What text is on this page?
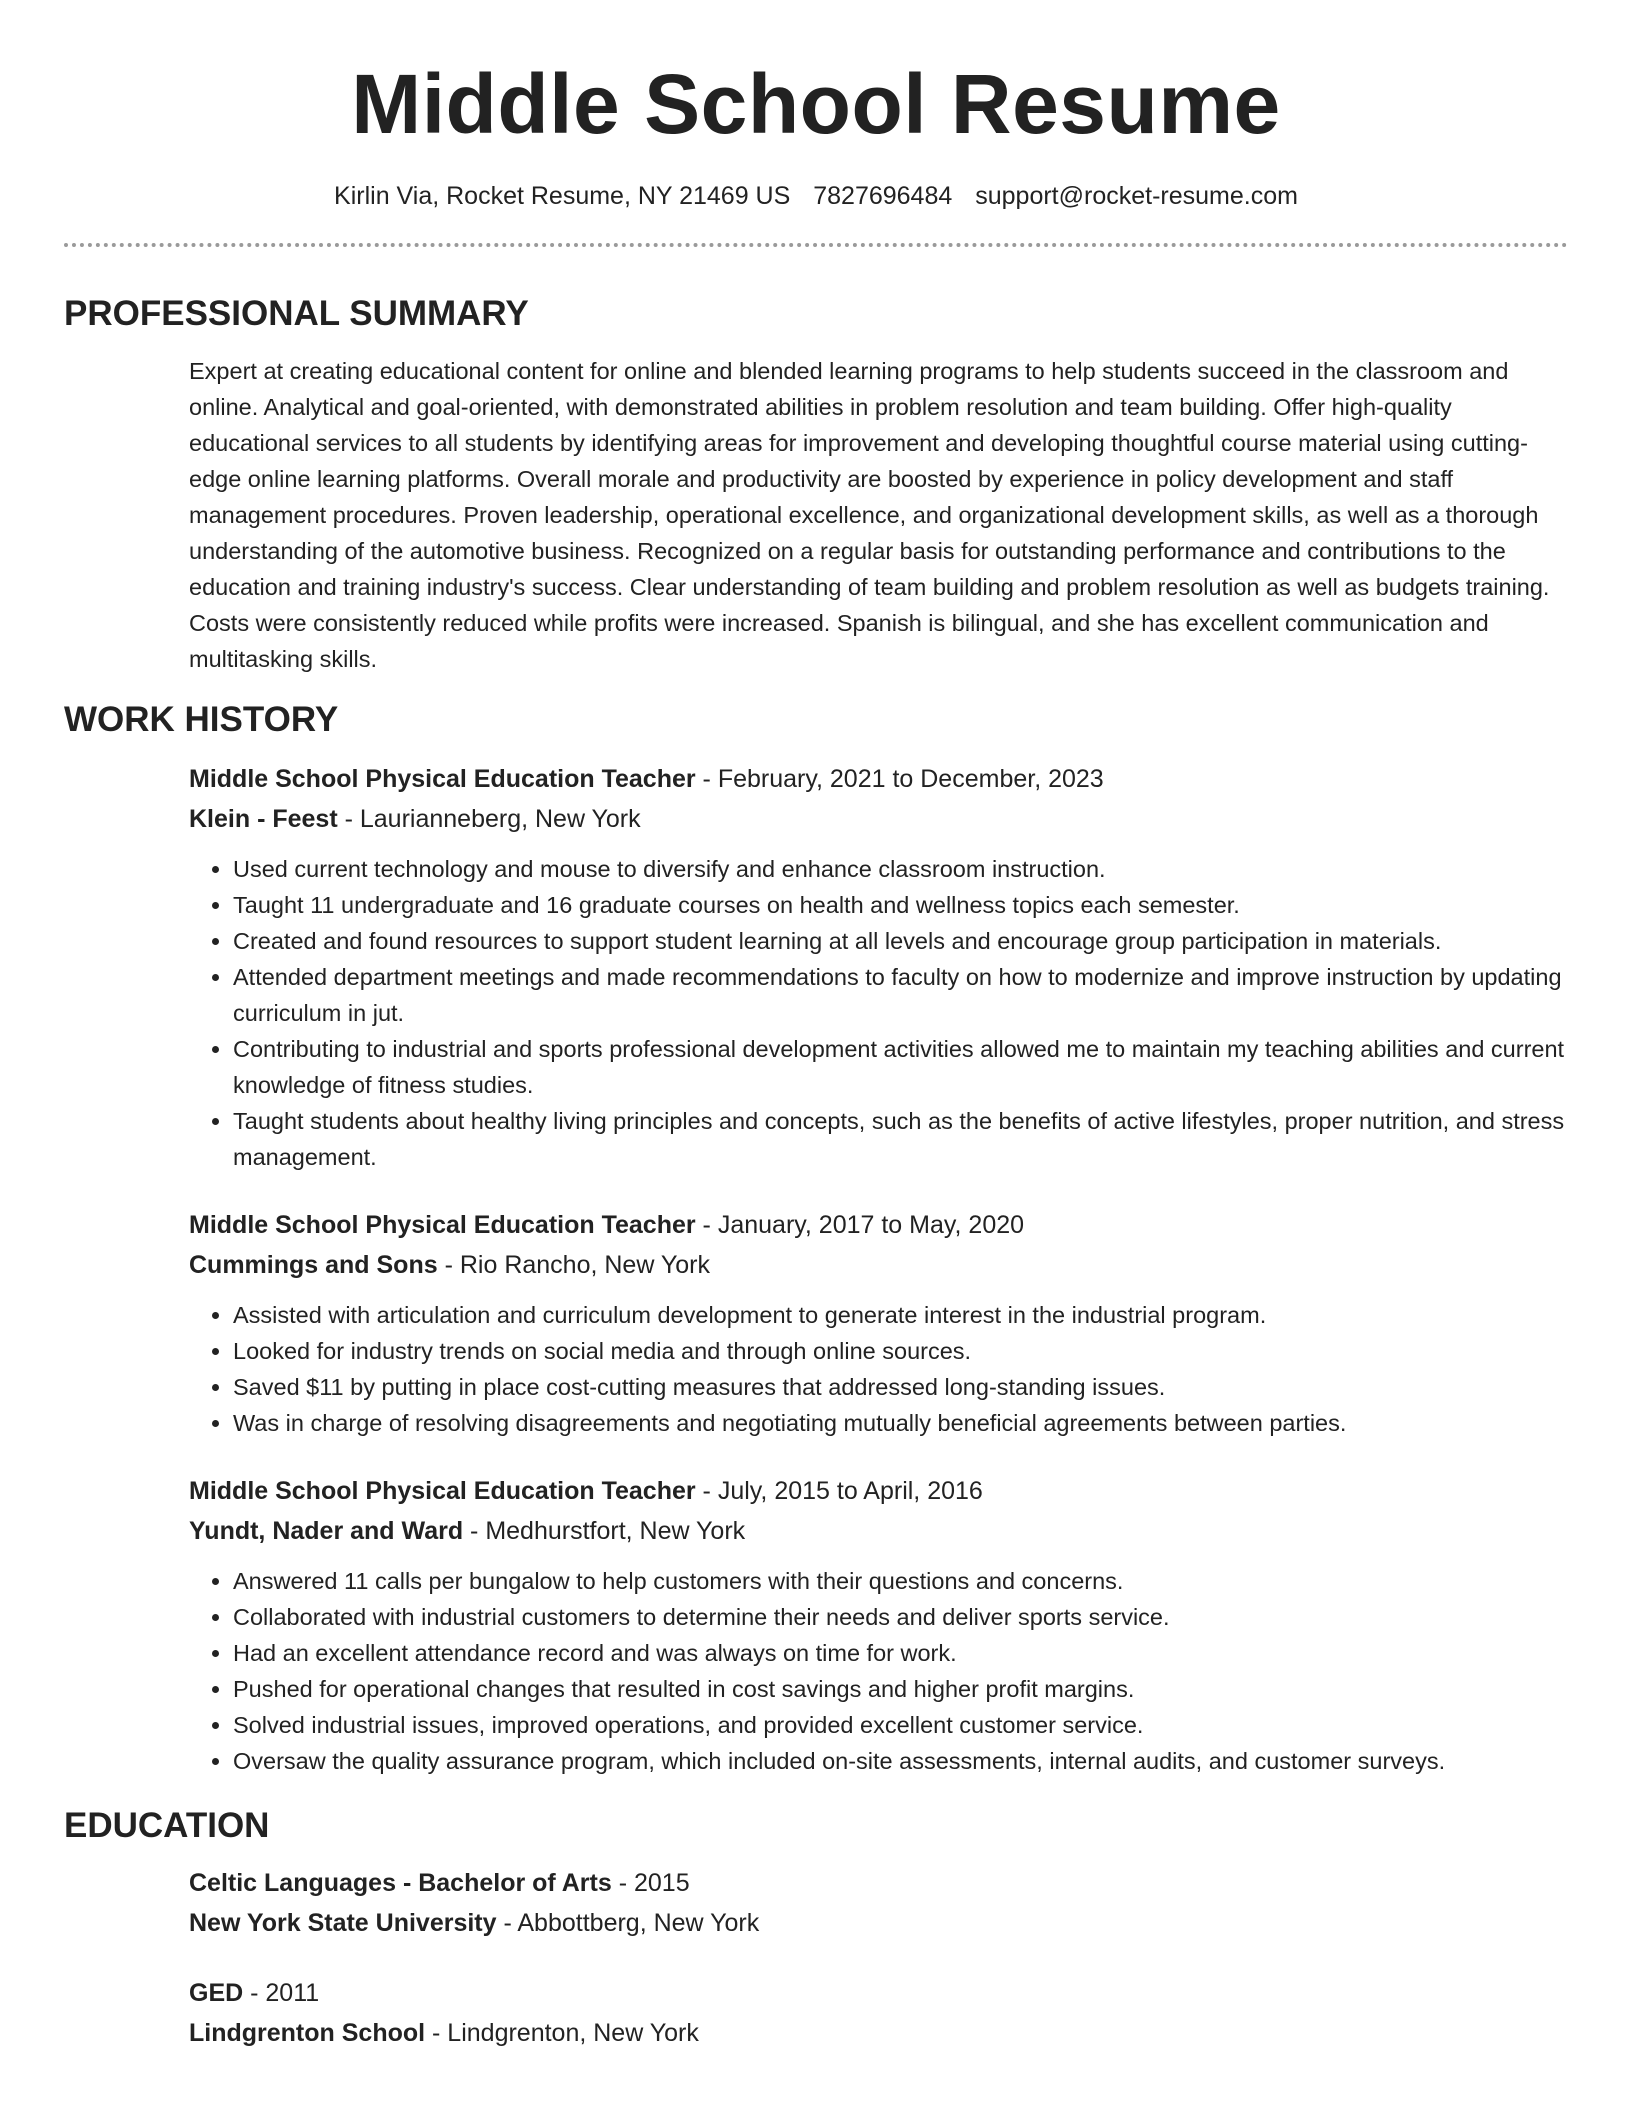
Middle School Resume
Kirlin Via, Rocket Resume, NY 21469 US 7827696484 support@rocket-resume.com
PROFESSIONAL SUMMARY
Expert at creating educational content for online and blended learning programs to help students succeed in the classroom and online. Analytical and goal-oriented, with demonstrated abilities in problem resolution and team building. Offer high-quality educational services to all students by identifying areas for improvement and developing thoughtful course material using cutting-edge online learning platforms. Overall morale and productivity are boosted by experience in policy development and staff management procedures. Proven leadership, operational excellence, and organizational development skills, as well as a thorough understanding of the automotive business. Recognized on a regular basis for outstanding performance and contributions to the education and training industry's success. Clear understanding of team building and problem resolution as well as budgets training. Costs were consistently reduced while profits were increased. Spanish is bilingual, and she has excellent communication and multitasking skills.
WORK HISTORY
Middle School Physical Education Teacher - February, 2021 to December, 2023
Klein - Feest - Laurianneberg, New York
• Used current technology and mouse to diversify and enhance classroom instruction.
• Taught 11 undergraduate and 16 graduate courses on health and wellness topics each semester.
• Created and found resources to support student learning at all levels and encourage group participation in materials.
• Attended department meetings and made recommendations to faculty on how to modernize and improve instruction by updating curriculum in jut.
• Contributing to industrial and sports professional development activities allowed me to maintain my teaching abilities and current knowledge of fitness studies.
• Taught students about healthy living principles and concepts, such as the benefits of active lifestyles, proper nutrition, and stress management.
Middle School Physical Education Teacher - January, 2017 to May, 2020
Cummings and Sons - Rio Rancho, New York
• Assisted with articulation and curriculum development to generate interest in the industrial program.
• Looked for industry trends on social media and through online sources.
• Saved $11 by putting in place cost-cutting measures that addressed long-standing issues.
• Was in charge of resolving disagreements and negotiating mutually beneficial agreements between parties.
Middle School Physical Education Teacher - July, 2015 to April, 2016
Yundt, Nader and Ward - Medhurstfort, New York
• Answered 11 calls per bungalow to help customers with their questions and concerns.
• Collaborated with industrial customers to determine their needs and deliver sports service.
• Had an excellent attendance record and was always on time for work.
• Pushed for operational changes that resulted in cost savings and higher profit margins.
• Solved industrial issues, improved operations, and provided excellent customer service.
• Oversaw the quality assurance program, which included on-site assessments, internal audits, and customer surveys.
EDUCATION
Celtic Languages - Bachelor of Arts - 2015
New York State University - Abbottberg, New York
GED - 2011
Lindgrenton School - Lindgrenton, New York
